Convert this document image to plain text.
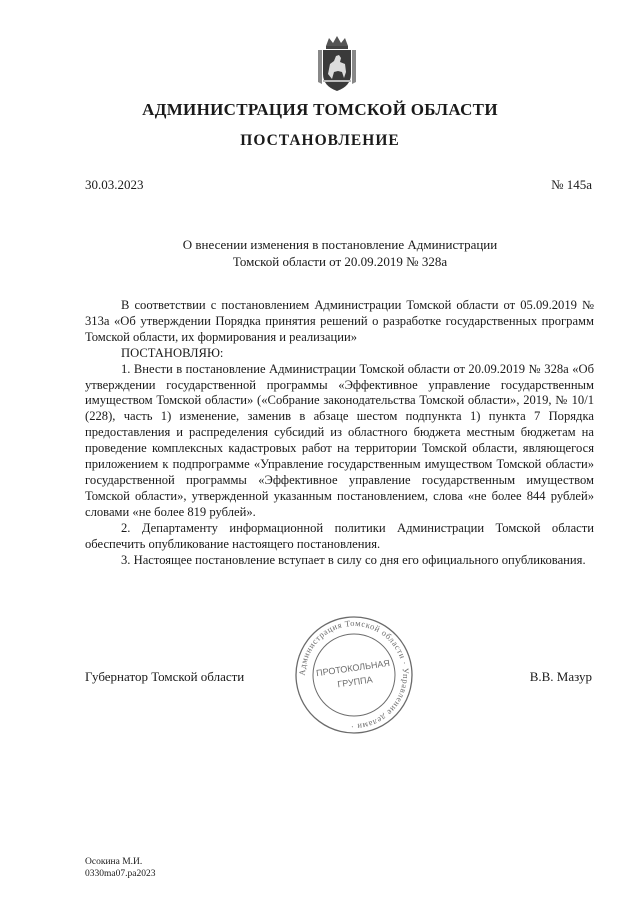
АДМИНИСТРАЦИЯ ТОМСКОЙ ОБЛАСТИ
ПОСТАНОВЛЕНИЕ
30.03.2023	№ 145а
О внесении изменения в постановление Администрации
Томской области от 20.09.2019 № 328а

В соответствии с постановлением Администрации Томской области от 05.09.2019 № 313а «Об утверждении Порядка принятия решений о разработке государственных программ Томской области, их формирования и реализации»

ПОСТАНОВЛЯЮ:

1. Внести в постановление Администрации Томской области от 20.09.2019 № 328а «Об утверждении государственной программы «Эффективное управление государственным имуществом Томской области» («Собрание законодательства Томской области», 2019, № 10/1 (228), часть 1) изменение, заменив в абзаце шестом подпункта 1) пункта 7 Порядка предоставления и распределения субсидий из областного бюджета местным бюджетам на проведение комплексных кадастровых работ на территории Томской области, являющегося приложением к подпрограмме «Управление государственным имуществом Томской области» государственной программы «Эффективное управление государственным имуществом Томской области», утвержденной указанным постановлением, слова «не более 844 рублей» словами «не более 819 рублей».

2. Департаменту информационной политики Администрации Томской области обеспечить опубликование настоящего постановления.

3. Настоящее постановление вступает в силу со дня его официального опубликования.

Губернатор Томской области	В.В. Мазур
Администрация Томской области · Управление делами ·
ПРОТОКОЛЬНАЯ
ГРУППА
Осокина М.И.
0330ma07.pa2023
